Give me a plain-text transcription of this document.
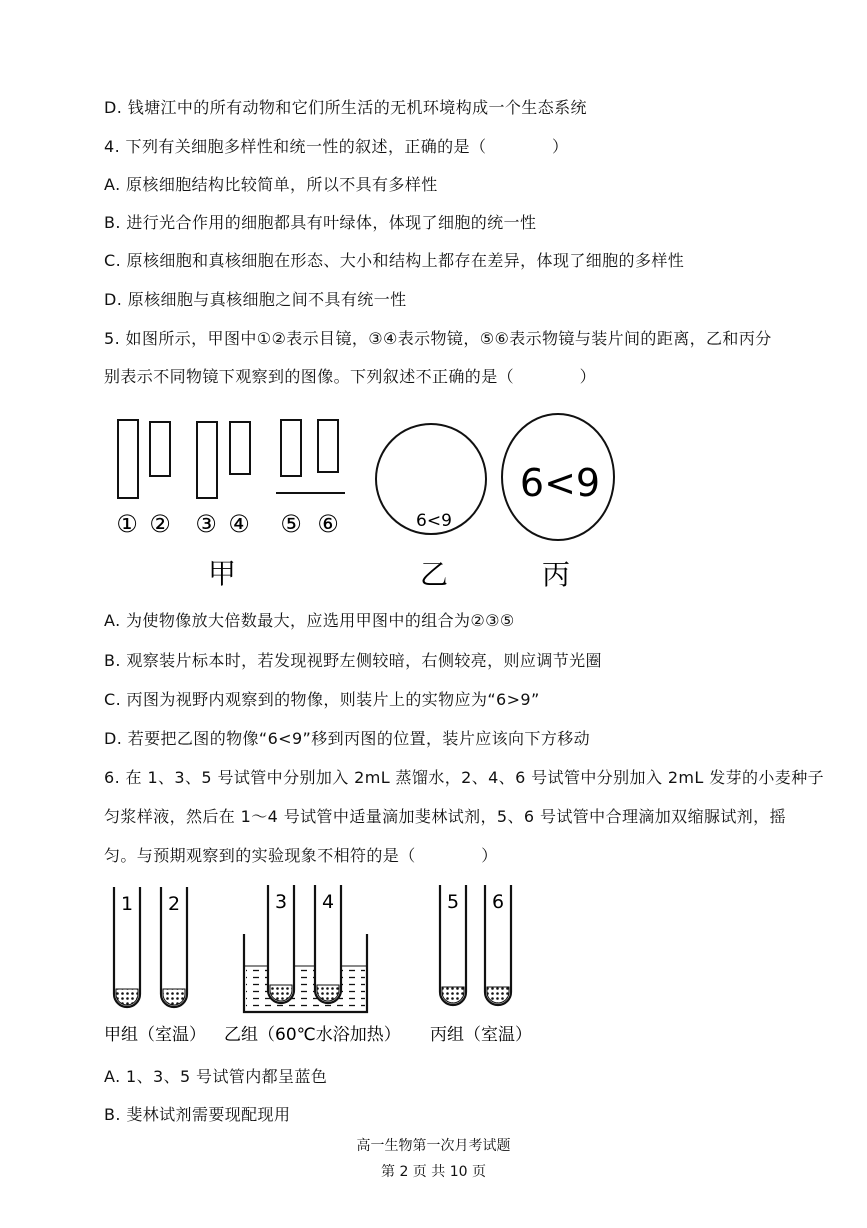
D. 钱塘江中的所有动物和它们所生活的无机环境构成一个生态系统
4. 下列有关细胞多样性和统一性的叙述，正确的是（　　　　）
A. 原核细胞结构比较简单，所以不具有多样性
B. 进行光合作用的细胞都具有叶绿体，体现了细胞的统一性
C. 原核细胞和真核细胞在形态、大小和结构上都存在差异，体现了细胞的多样性
D. 原核细胞与真核细胞之间不具有统一性
5. 如图所示，甲图中①②表示目镜，③④表示物镜，⑤⑥表示物镜与装片间的距离，乙和丙分
别表示不同物镜下观察到的图像。下列叙述不正确的是（　　　　）
① ② ③ ④ ⑤ ⑥	6<9
6<9
甲	乙	丙
A. 为使物像放大倍数最大，应选用甲图中的组合为②③⑤
B. 观察装片标本时，若发现视野左侧较暗，右侧较亮，则应调节光圈
C. 丙图为视野内观察到的物像，则装片上的实物应为“6>9”
D. 若要把乙图的物像“6<9”移到丙图的位置，装片应该向下方移动
6. 在 1、3、5 号试管中分别加入 2mL 蒸馏水，2、4、6 号试管中分别加入 2mL 发芽的小麦种子
匀浆样液，然后在 1～4 号试管中适量滴加斐林试剂，5、6 号试管中合理滴加双缩脲试剂，摇
匀。与预期观察到的实验现象不相符的是（　　　　）
1 2	3 4	5 6
甲组（室温） 乙组（60℃水浴加热） 丙组（室温）
A. 1、3、5 号试管内都呈蓝色
B. 斐林试剂需要现配现用
高一生物第一次月考试题
第 2 页 共 10 页
